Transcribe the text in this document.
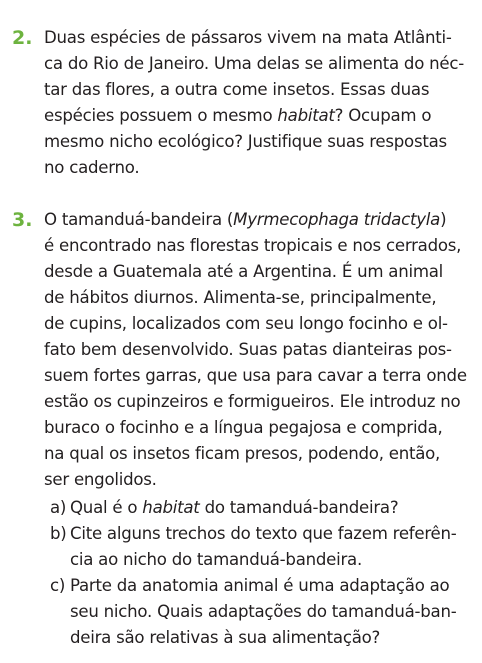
2. Duas espécies de pássaros vivem na mata Atlânti-
ca do Rio de Janeiro. Uma delas se alimenta do néc-
tar das flores, a outra come insetos. Essas duas
espécies possuem o mesmo habitat? Ocupam o
mesmo nicho ecológico? Justifique suas respostas
no caderno.
3. O tamanduá-bandeira (Myrmecophaga tridactyla)
é encontrado nas florestas tropicais e nos cerrados,
desde a Guatemala até a Argentina. É um animal
de hábitos diurnos. Alimenta-se, principalmente,
de cupins, localizados com seu longo focinho e ol-
fato bem desenvolvido. Suas patas dianteiras pos-
suem fortes garras, que usa para cavar a terra onde
estão os cupinzeiros e formigueiros. Ele introduz no
buraco o focinho e a língua pegajosa e comprida,
na qual os insetos ficam presos, podendo, então,
ser engolidos.
a) Qual é o habitat do tamanduá-bandeira?
b) Cite alguns trechos do texto que fazem referên-
cia ao nicho do tamanduá-bandeira.
c) Parte da anatomia animal é uma adaptação ao
seu nicho. Quais adaptações do tamanduá-ban-
deira são relativas à sua alimentação?
